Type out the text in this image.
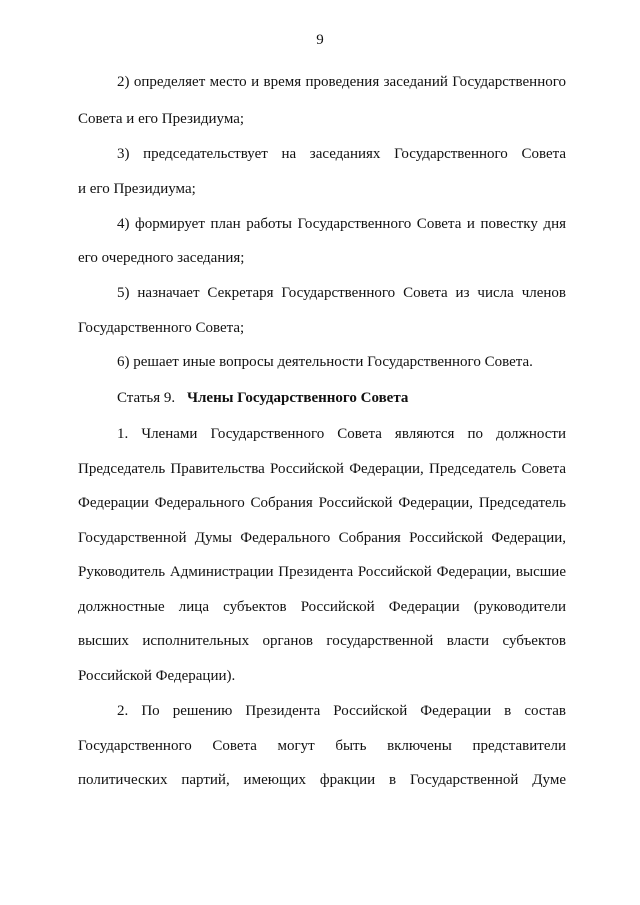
9
2) определяет место и время проведения заседаний Государственного
Совета и его Президиума;
3) председательствует на заседаниях Государственного Совета
и его Президиума;
4) формирует план работы Государственного Совета и повестку дня
его очередного заседания;
5) назначает Секретаря Государственного Совета из числа членов
Государственного Совета;
6) решает иные вопросы деятельности Государственного Совета.
Статья 9. Члены Государственного Совета
1. Членами Государственного Совета являются по должности
Председатель Правительства Российской Федерации, Председатель Совета
Федерации Федерального Собрания Российской Федерации, Председатель
Государственной Думы Федерального Собрания Российской Федерации,
Руководитель Администрации Президента Российской Федерации, высшие
должностные лица субъектов Российской Федерации (руководители
высших исполнительных органов государственной власти субъектов
Российской Федерации).
2. По решению Президента Российской Федерации в состав
Государственного Совета могут быть включены представители
политических партий, имеющих фракции в Государственной Думе
